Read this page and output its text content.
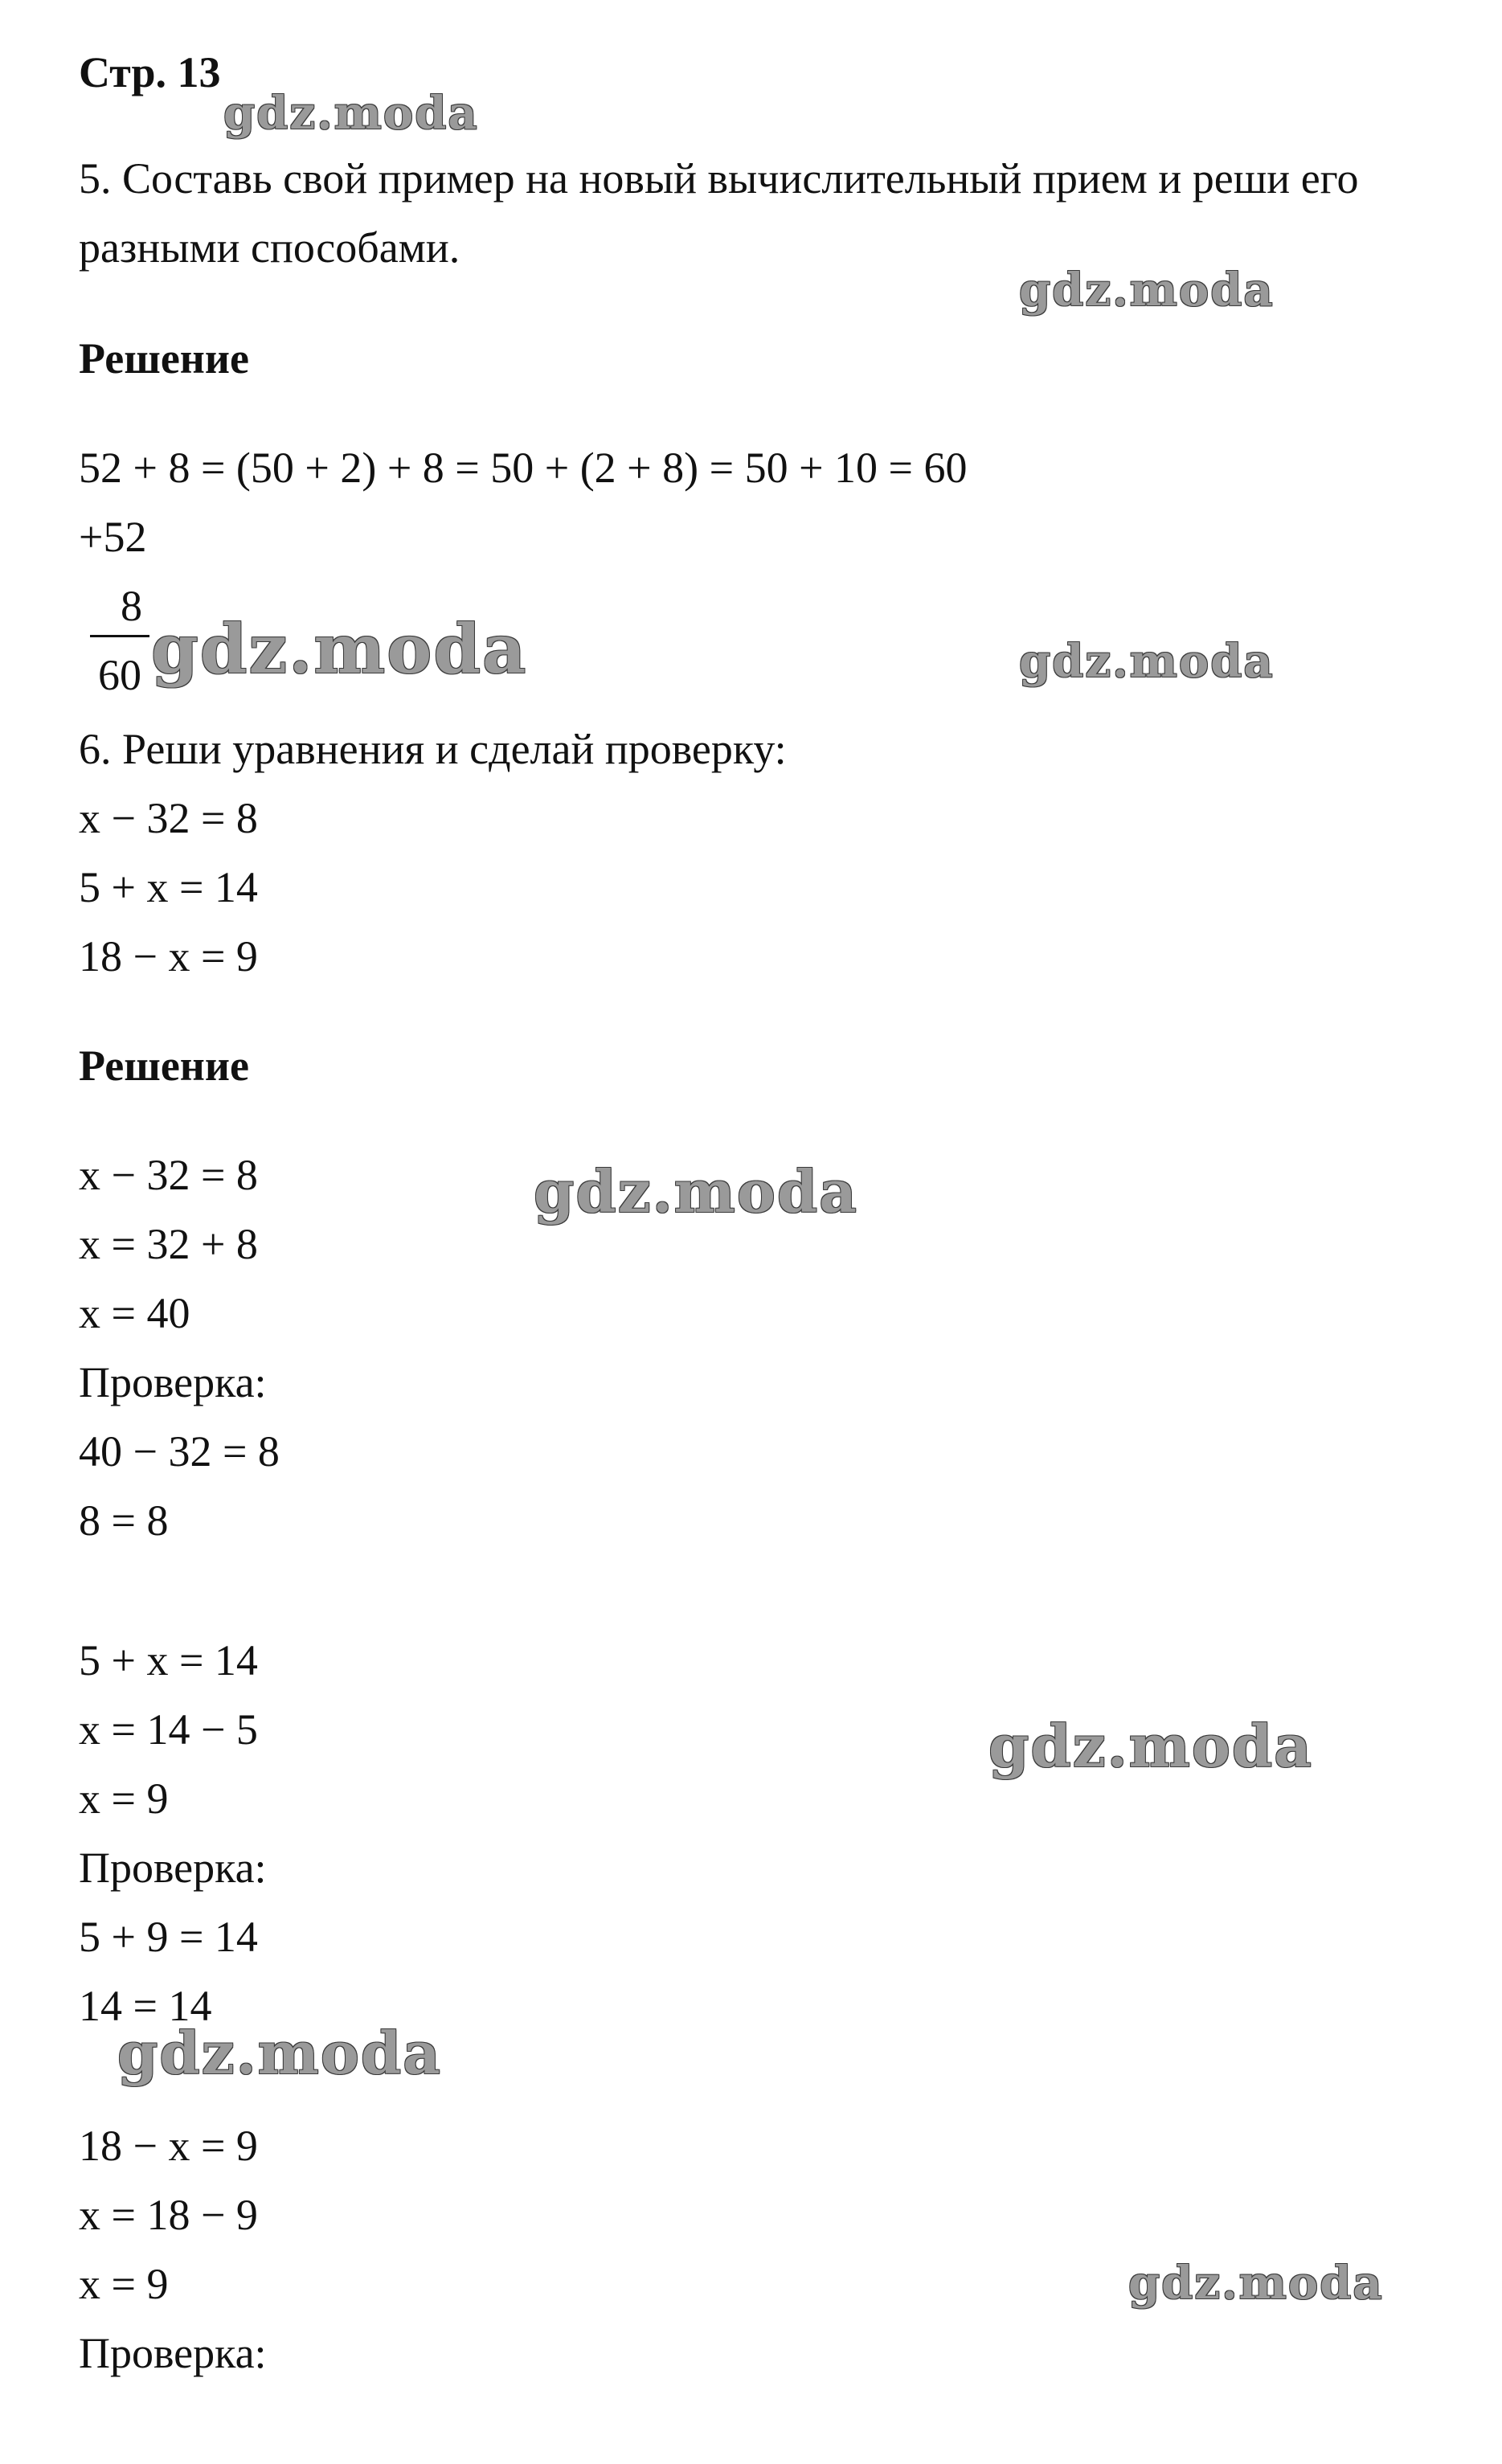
Стр. 13
5. Составь свой пример на новый вычислительный прием и реши его
разными способами.
Решение
52 + 8 = (50 + 2) + 8 = 50 + (2 + 8) = 50 + 10 = 60
+52
8
60
6. Реши уравнения и сделай проверку:
x − 32 = 8
5 + x = 14
18 − x = 9
Решение
x − 32 = 8
x = 32 + 8
x = 40
Проверка:
40 − 32 = 8
8 = 8
5 + x = 14
x = 14 − 5
x = 9
Проверка:
5 + 9 = 14
14 = 14
18 − x = 9
x = 18 − 9
x = 9
Проверка:
gdz.moda
gdz.moda
gdz.moda	gdz.moda
gdz.moda
gdz.moda
gdz.moda
gdz.moda
